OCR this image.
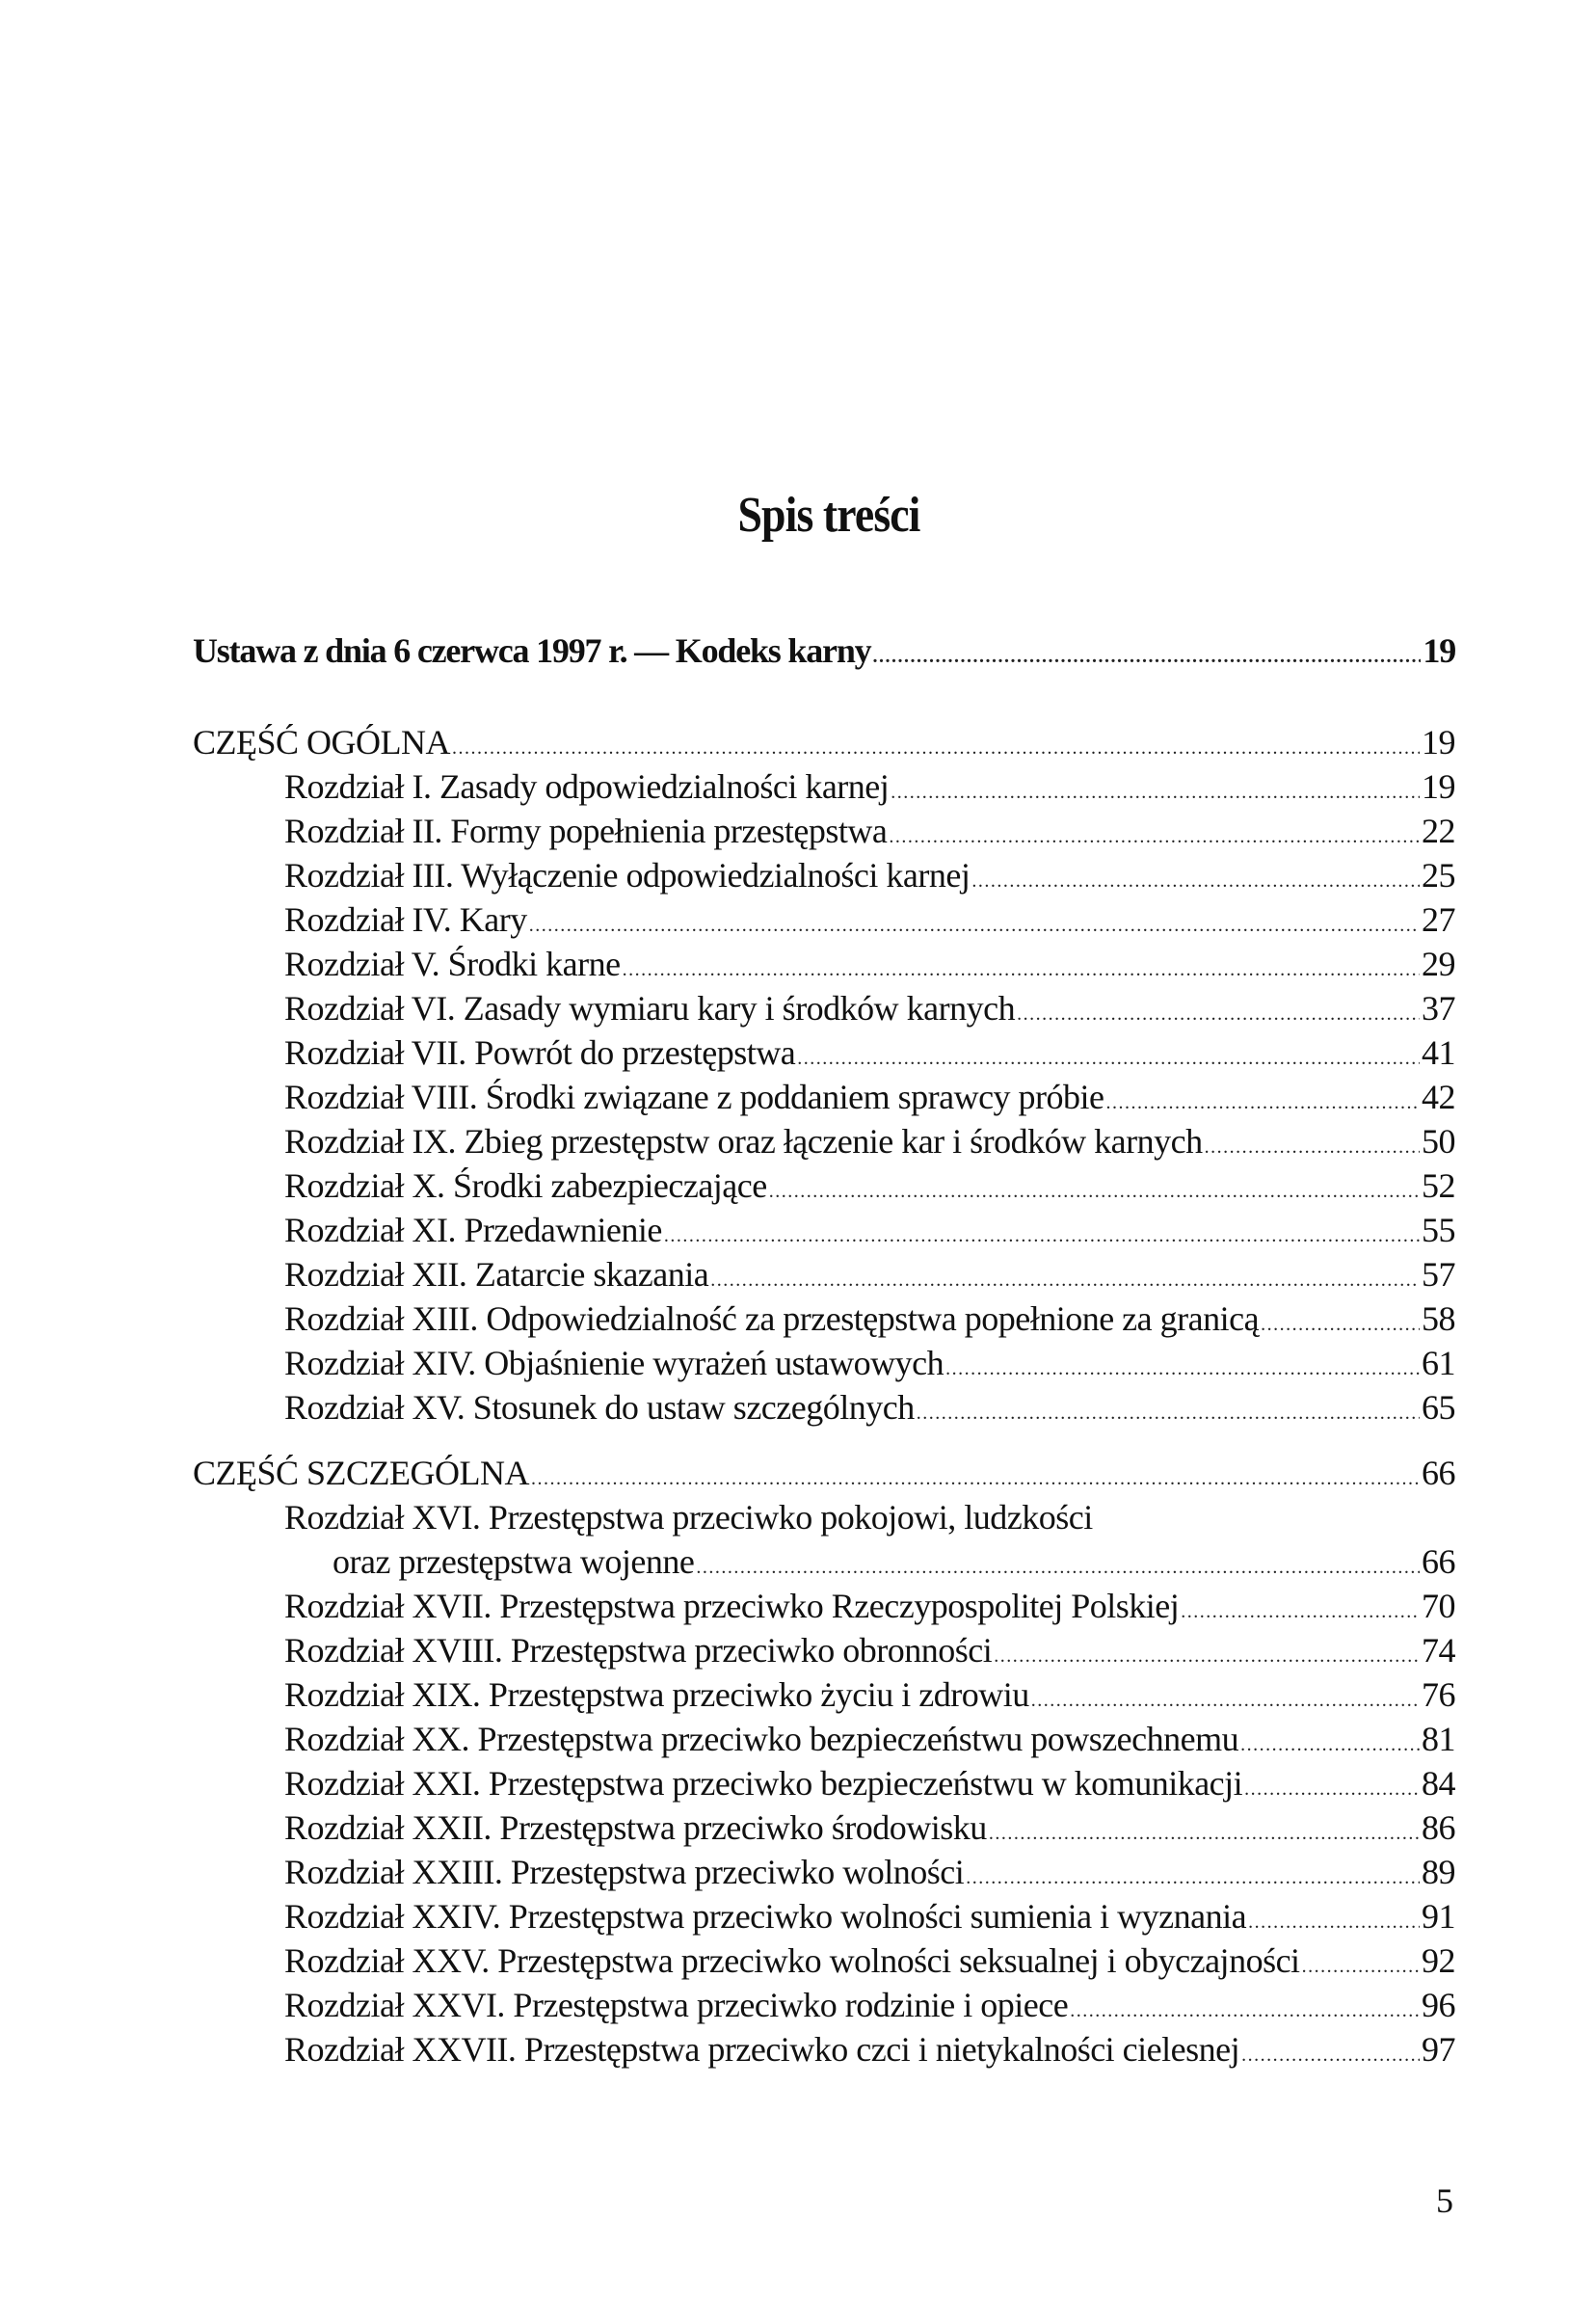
Spis treści
Ustawa z dnia 6 czerwca 1997 r. — Kodeks karny .....	19
CZĘŚĆ OGÓLNA .....	19
Rozdział I. Zasady odpowiedzialności karnej .....	19
Rozdział II. Formy popełnienia przestępstwa .....	22
Rozdział III. Wyłączenie odpowiedzialności karnej .....	25
Rozdział IV. Kary .....	27
Rozdział V. Środki karne .....	29
Rozdział VI. Zasady wymiaru kary i środków karnych .....	37
Rozdział VII. Powrót do przestępstwa .....	41
Rozdział VIII. Środki związane z poddaniem sprawcy próbie .....	42
Rozdział IX. Zbieg przestępstw oraz łączenie kar i środków karnych .....	50
Rozdział X. Środki zabezpieczające .....	52
Rozdział XI. Przedawnienie .....	55
Rozdział XII. Zatarcie skazania .....	57
Rozdział XIII. Odpowiedzialność za przestępstwa popełnione za granicą .....	58
Rozdział XIV. Objaśnienie wyrażeń ustawowych .....	61
Rozdział XV. Stosunek do ustaw szczególnych .....	65
CZĘŚĆ SZCZEGÓLNA .....	66
Rozdział XVI. Przestępstwa przeciwko pokojowi, ludzkości
oraz przestępstwa wojenne .....	66
Rozdział XVII. Przestępstwa przeciwko Rzeczypospolitej Polskiej .....	70
Rozdział XVIII. Przestępstwa przeciwko obronności .....	74
Rozdział XIX. Przestępstwa przeciwko życiu i zdrowiu .....	76
Rozdział XX. Przestępstwa przeciwko bezpieczeństwu powszechnemu .....	81
Rozdział XXI. Przestępstwa przeciwko bezpieczeństwu w komunikacji .....	84
Rozdział XXII. Przestępstwa przeciwko środowisku .....	86
Rozdział XXIII. Przestępstwa przeciwko wolności .....	89
Rozdział XXIV. Przestępstwa przeciwko wolności sumienia i wyznania .....	91
Rozdział XXV. Przestępstwa przeciwko wolności seksualnej i obyczajności .....	92
Rozdział XXVI. Przestępstwa przeciwko rodzinie i opiece .....	96
Rozdział XXVII. Przestępstwa przeciwko czci i nietykalności cielesnej .....	97
5
